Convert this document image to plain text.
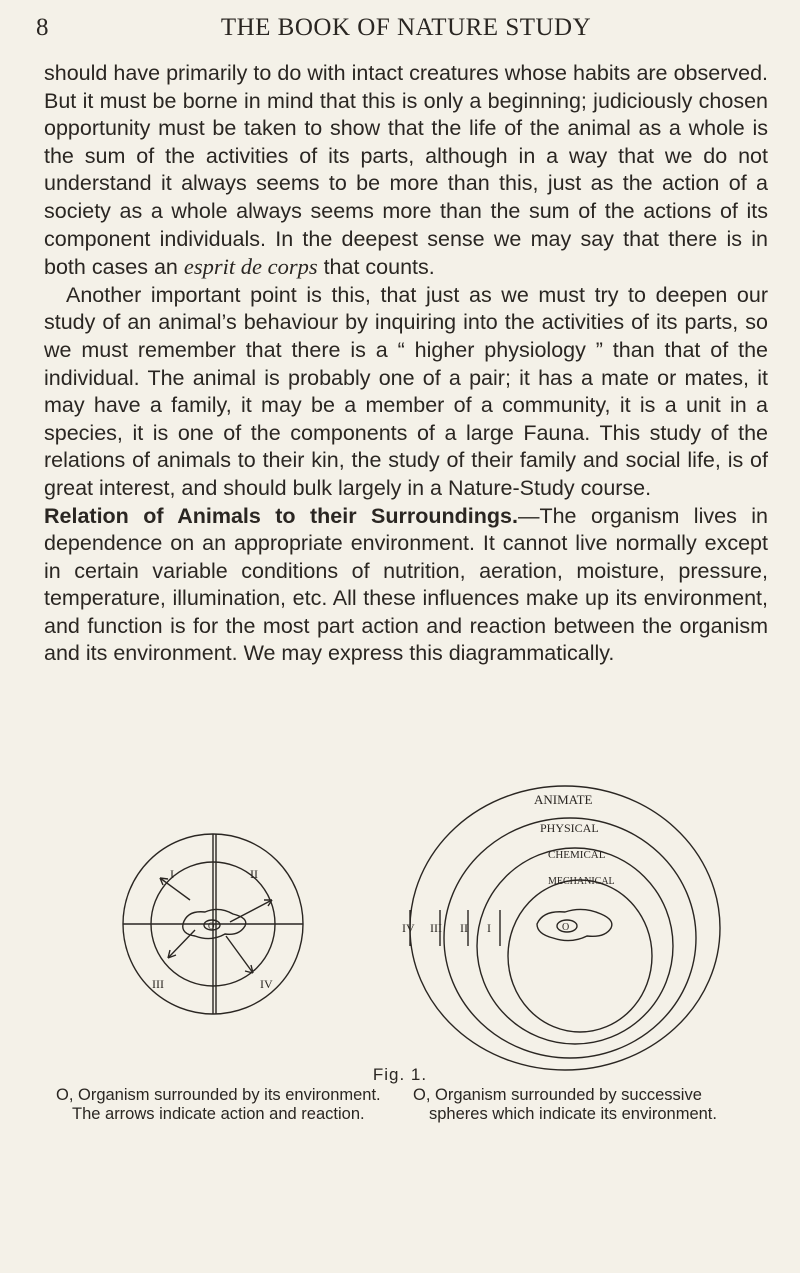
8	THE BOOK OF NATURE STUDY

should have primarily to do with intact creatures whose habits are observed. But it must be borne in mind that this is only a beginning; judiciously chosen opportunity must be taken to show that the life of the animal as a whole is the sum of the activities of its parts, although in a way that we do not understand it always seems to be more than this, just as the action of a society as a whole always seems more than the sum of the actions of its component individuals. In the deepest sense we may say that there is in both cases an esprit de corps that counts.

Another important point is this, that just as we must try to deepen our study of an animal’s behaviour by inquiring into the activities of its parts, so we must remember that there is a “ higher physiology ” than that of the individual. The animal is probably one of a pair; it has a mate or mates, it may have a family, it may be a member of a community, it is a unit in a species, it is one of the components of a large Fauna. This study of the relations of animals to their kin, the study of their family and social life, is of great interest, and should bulk largely in a Nature-Study course.

Relation of Animals to their Surroundings.—The organism lives in dependence on an appropriate environment. It cannot live normally except in certain variable conditions of nutrition, aeration, moisture, pressure, temperature, illumination, etc. All these influences make up its environment, and function is for the most part action and reaction between the organism and its environment. We may express this diagrammatically.

I	II
III	IV
O	O
IV III II I
ANIMATE
PHYSICAL
CHEMICAL
MECHANICAL
Fig. 1.
O, Organism surrounded by its environment. The arrows indicate action and reaction.
O, Organism surrounded by successive spheres which indicate its environment.
